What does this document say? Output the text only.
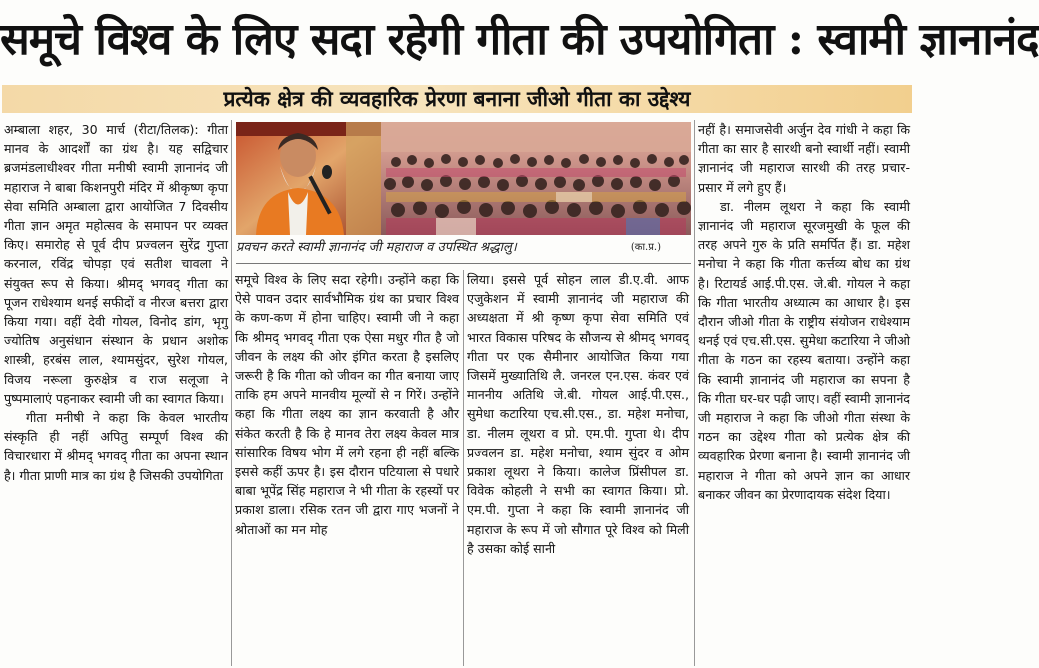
समूचे विश्व के लिए सदा रहेगी गीता की उपयोगिता : स्वामी ज्ञानानंद
प्रत्येक क्षेत्र की व्यवहारिक प्रेरणा बनाना जीओ गीता का उद्देश्य

अम्बाला शहर, 30 मार्च (रीटा/तिलक): गीता मानव के आदर्शों का ग्रंथ है। यह सद्विचार ब्रजमंडलाधीश्वर गीता मनीषी स्वामी ज्ञानानंद जी महाराज ने बाबा किशनपुरी मंदिर में श्रीकृष्ण कृपा सेवा समिति अम्बाला द्वारा आयोजित 7 दिवसीय गीता ज्ञान अमृत महोत्सव के समापन पर व्यक्त किए। समारोह से पूर्व दीप प्रज्वलन सुरेंद्र गुप्ता करनाल, रविंद्र चोपड़ा एवं सतीश चावला ने संयुक्त रूप से किया। श्रीमद् भगवद् गीता का पूजन राधेश्याम थनई सफीदों व नीरज बत्तरा द्वारा किया गया। वहीं देवी गोयल, विनोद डांग, भृगु ज्योतिष अनुसंधान संस्थान के प्रधान अशोक शास्त्री, हरबंस लाल, श्यामसुंदर, सुरेश गोयल, विजय नरूला कुरुक्षेत्र व राज सलूजा ने पुष्पमालाएं पहनाकर स्वामी जी का स्वागत किया।

गीता मनीषी ने कहा कि केवल भारतीय संस्कृति ही नहीं अपितु सम्पूर्ण विश्व की विचारधारा में श्रीमद् भगवद् गीता का अपना स्थान है। गीता प्राणी मात्र का ग्रंथ है जिसकी उपयोगिता

प्रवचन करते स्वामी ज्ञानानंद जी महाराज व उपस्थित श्रद्धालु।	(का.प्र.)

समूचे विश्व के लिए सदा रहेगी। उन्होंने कहा कि ऐसे पावन उदार सार्वभौमिक ग्रंथ का प्रचार विश्व के कण-कण में होना चाहिए। स्वामी जी ने कहा कि श्रीमद् भगवद् गीता एक ऐसा मधुर गीत है जो जीवन के लक्ष्य की ओर इंगित करता है इसलिए जरूरी है कि गीता को जीवन का गीत बनाया जाए ताकि हम अपने मानवीय मूल्यों से न गिरें। उन्होंने कहा कि गीता लक्ष्य का ज्ञान करवाती है और संकेत करती है कि हे मानव तेरा लक्ष्य केवल मात्र सांसारिक विषय भोग में लगे रहना ही नहीं बल्कि इससे कहीं ऊपर है। इस दौरान पटियाला से पधारे बाबा भूपेंद्र सिंह महाराज ने भी गीता के रहस्यों पर प्रकाश डाला। रसिक रतन जी द्वारा गाए भजनों ने श्रोताओं का मन मोह

लिया। इससे पूर्व सोहन लाल डी.ए.वी. आफ एजुकेशन में स्वामी ज्ञानानंद जी महाराज की अध्यक्षता में श्री कृष्ण कृपा सेवा समिति एवं भारत विकास परिषद के सौजन्य से श्रीमद् भगवद् गीता पर एक सैमीनार आयोजित किया गया जिसमें मुख्यातिथि लै. जनरल एन.एस. कंवर एवं माननीय अतिथि जे.बी. गोयल आई.पी.एस., सुमेधा कटारिया एच.सी.एस., डा. महेश मनोचा, डा. नीलम लूथरा व प्रो. एम.पी. गुप्ता थे। दीप प्रज्वलन डा. महेश मनोचा, श्याम सुंदर व ओम प्रकाश लूथरा ने किया। कालेज प्रिंसीपल डा. विवेक कोहली ने सभी का स्वागत किया। प्रो. एम.पी. गुप्ता ने कहा कि स्वामी ज्ञानानंद जी महाराज के रूप में जो सौगात पूरे विश्व को मिली है उसका कोई सानी

नहीं है। समाजसेवी अर्जुन देव गांधी ने कहा कि गीता का सार है सारथी बनो स्वार्थी नहीं। स्वामी ज्ञानानंद जी महाराज सारथी की तरह प्रचार-प्रसार में लगे हुए हैं।

डा. नीलम लूथरा ने कहा कि स्वामी ज्ञानानंद जी महाराज सूरजमुखी के फूल की तरह अपने गुरु के प्रति समर्पित हैं। डा. महेश मनोचा ने कहा कि गीता कर्त्तव्य बोध का ग्रंथ है। रिटायर्ड आई.पी.एस. जे.बी. गोयल ने कहा कि गीता भारतीय अध्यात्म का आधार है। इस दौरान जीओ गीता के राष्ट्रीय संयोजन राधेश्याम थनई एवं एच.सी.एस. सुमेधा कटारिया ने जीओ गीता के गठन का रहस्य बताया। उन्होंने कहा कि स्वामी ज्ञानानंद जी महाराज का सपना है कि गीता घर-घर पढ़ी जाए। वहीं स्वामी ज्ञानानंद जी महाराज ने कहा कि जीओ गीता संस्था के गठन का उद्देश्य गीता को प्रत्येक क्षेत्र की व्यवहारिक प्रेरणा बनाना है। स्वामी ज्ञानानंद जी महाराज ने गीता को अपने ज्ञान का आधार बनाकर जीवन का प्रेरणादायक संदेश दिया।
